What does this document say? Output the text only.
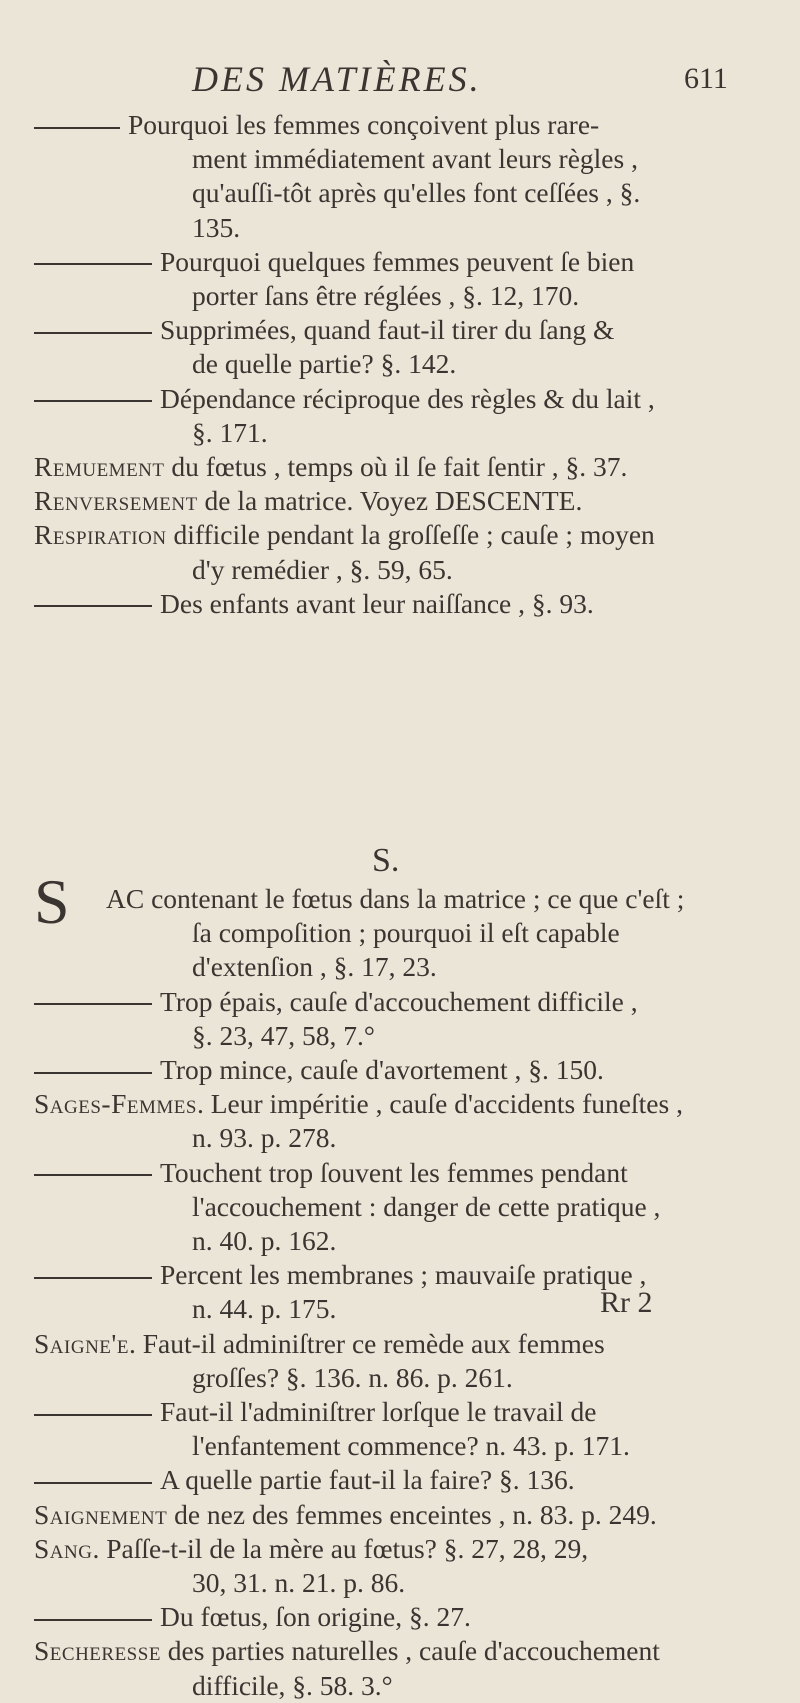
DES MATIÈRES.	611
Pourquoi les femmes conçoivent plus rare-
ment immédiatement avant leurs règles ,
qu'auſſi-tôt après qu'elles font ceſſées , §.
135.
Pourquoi quelques femmes peuvent ſe bien
porter ſans être réglées , §. 12, 170.
Supprimées, quand faut-il tirer du ſang &
de quelle partie? §. 142.
Dépendance réciproque des règles & du lait ,
§. 171.
Remuement du fœtus , temps où il ſe fait ſentir , §. 37.
Renversement de la matrice. Voyez DESCENTE.
Respiration difficile pendant la groſſeſſe ; cauſe ; moyen
d'y remédier , §. 59, 65.
Des enfants avant leur naiſſance , §. 93.
S.
S	AC contenant le fœtus dans la matrice ; ce que c'eſt ;
ſa compoſition ; pourquoi il eſt capable
d'extenſion , §. 17, 23.
Trop épais, cauſe d'accouchement difficile ,
§. 23, 47, 58, 7.°
Trop mince, cauſe d'avortement , §. 150.
Sages-Femmes. Leur impéritie , cauſe d'accidents funeſtes ,
n. 93. p. 278.
Touchent trop ſouvent les femmes pendant
l'accouchement : danger de cette pratique ,
n. 40. p. 162.
Percent les membranes ; mauvaiſe pratique ,
n. 44. p. 175.
Saigne'e. Faut-il adminiſtrer ce remède aux femmes
groſſes? §. 136. n. 86. p. 261.
Faut-il l'adminiſtrer lorſque le travail de
l'enfantement commence? n. 43. p. 171.
A quelle partie faut-il la faire? §. 136.
Saignement de nez des femmes enceintes , n. 83. p. 249.
Sang. Paſſe-t-il de la mère au fœtus? §. 27, 28, 29,
30, 31. n. 21. p. 86.
Du fœtus, ſon origine, §. 27.
Secheresse des parties naturelles , cauſe d'accouchement
difficile, §. 58. 3.°
Rr 2
